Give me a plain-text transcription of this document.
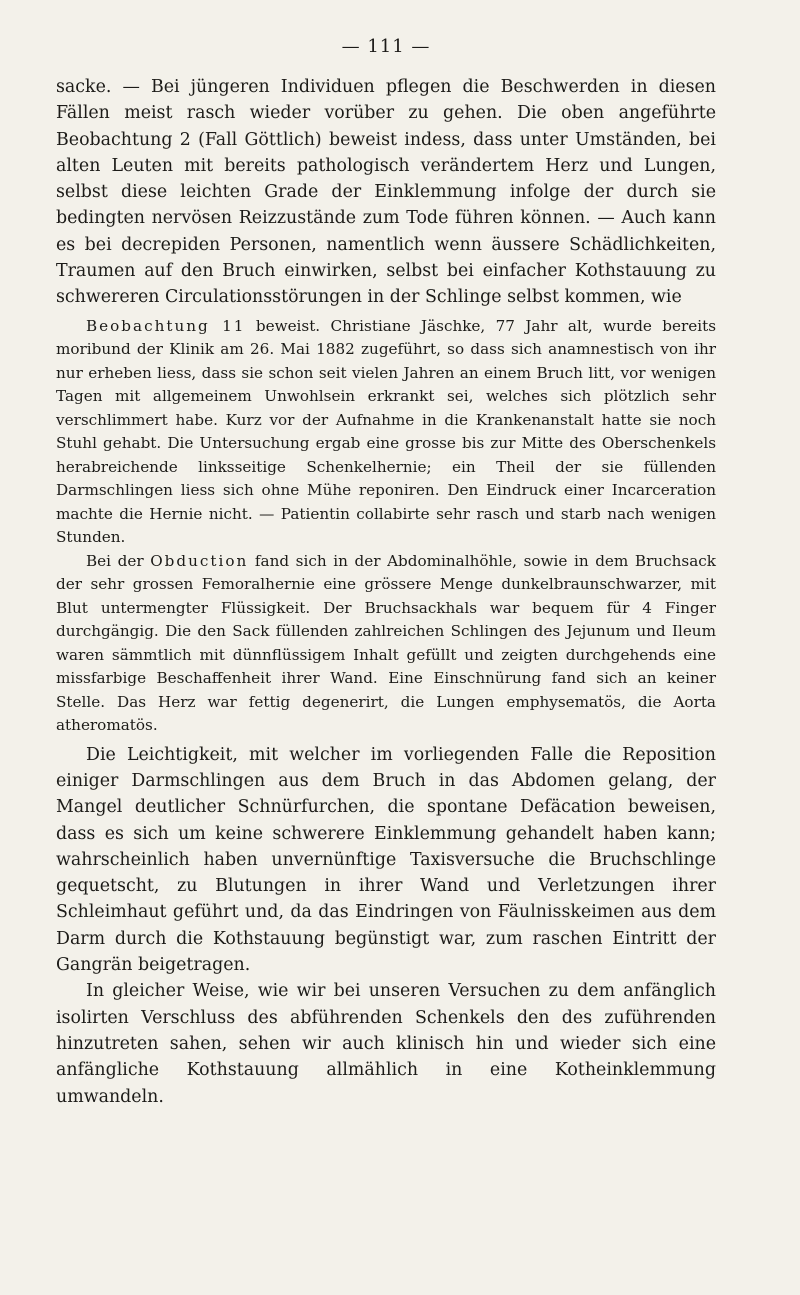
— 111 —

sacke. — Bei jüngeren Individuen pflegen die Beschwerden in diesen Fällen meist rasch wieder vorüber zu gehen. Die oben angeführte Beobachtung 2 (Fall Göttlich) beweist indess, dass unter Umständen, bei alten Leuten mit bereits pathologisch verändertem Herz und Lungen, selbst diese leichten Grade der Einklemmung infolge der durch sie bedingten nervösen Reizzustände zum Tode führen können. — Auch kann es bei decrepiden Personen, namentlich wenn äussere Schädlichkeiten, Traumen auf den Bruch einwirken, selbst bei einfacher Kothstauung zu schwereren Circulationsstörungen in der Schlinge selbst kommen, wie

Beobachtung 11 beweist. Christiane Jäschke, 77 Jahr alt, wurde bereits moribund der Klinik am 26. Mai 1882 zugeführt, so dass sich anamnestisch von ihr nur erheben liess, dass sie schon seit vielen Jahren an einem Bruch litt, vor wenigen Tagen mit allgemeinem Unwohlsein erkrankt sei, welches sich plötzlich sehr verschlimmert habe. Kurz vor der Aufnahme in die Krankenanstalt hatte sie noch Stuhl gehabt. Die Untersuchung ergab eine grosse bis zur Mitte des Oberschenkels herabreichende linksseitige Schenkelhernie; ein Theil der sie füllenden Darmschlingen liess sich ohne Mühe reponiren. Den Eindruck einer Incarceration machte die Hernie nicht. — Patientin collabirte sehr rasch und starb nach wenigen Stunden.

Bei der Obduction fand sich in der Abdominalhöhle, sowie in dem Bruchsack der sehr grossen Femoralhernie eine grössere Menge dunkelbraunschwarzer, mit Blut untermengter Flüssigkeit. Der Bruchsackhals war bequem für 4 Finger durchgängig. Die den Sack füllenden zahlreichen Schlingen des Jejunum und Ileum waren sämmtlich mit dünnflüssigem Inhalt gefüllt und zeigten durchgehends eine missfarbige Beschaffenheit ihrer Wand. Eine Einschnürung fand sich an keiner Stelle. Das Herz war fettig degenerirt, die Lungen emphysematös, die Aorta atheromatös.

Die Leichtigkeit, mit welcher im vorliegenden Falle die Reposition einiger Darmschlingen aus dem Bruch in das Abdomen gelang, der Mangel deutlicher Schnürfurchen, die spontane Defäcation beweisen, dass es sich um keine schwerere Einklemmung gehandelt haben kann; wahrscheinlich haben unvernünftige Taxisversuche die Bruchschlinge gequetscht, zu Blutungen in ihrer Wand und Verletzungen ihrer Schleimhaut geführt und, da das Eindringen von Fäulnisskeimen aus dem Darm durch die Kothstauung begünstigt war, zum raschen Eintritt der Gangrän beigetragen.

In gleicher Weise, wie wir bei unseren Versuchen zu dem anfänglich isolirten Verschluss des abführenden Schenkels den des zuführenden hinzutreten sahen, sehen wir auch klinisch hin und wieder sich eine anfängliche Kothstauung allmählich in eine Kotheinklemmung umwandeln.
